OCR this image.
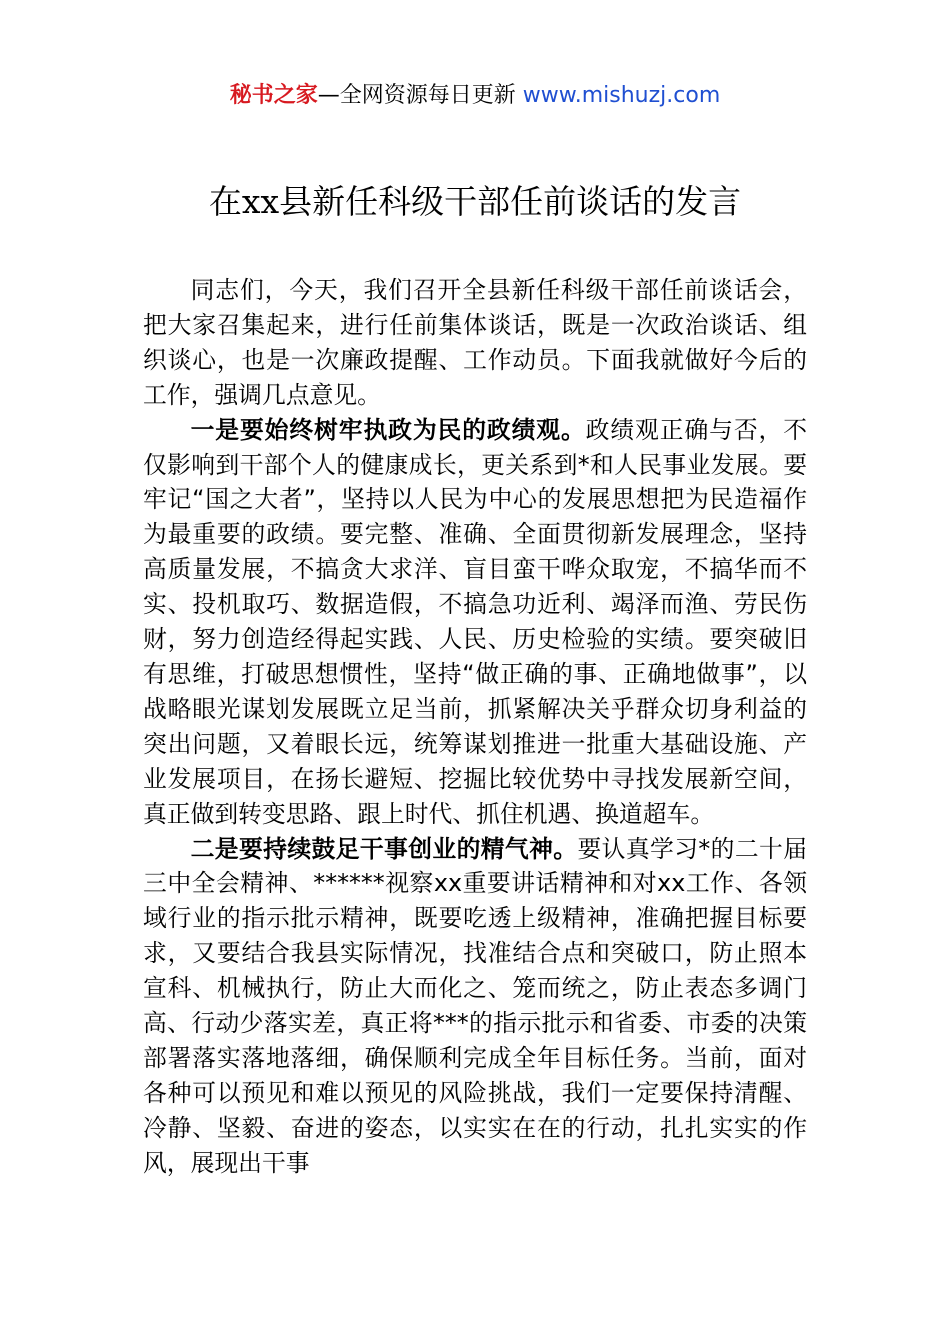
秘书之家—全网资源每日更新 www.mishuzj.com
在xx县新任科级干部任前谈话的发言

同志们，今天，我们召开全县新任科级干部任前谈话会，把大家召集起来，进行任前集体谈话，既是一次政治谈话、组织谈心，也是一次廉政提醒、工作动员。下面我就做好今后的工作，强调几点意见。

一是要始终树牢执政为民的政绩观。政绩观正确与否，不仅影响到干部个人的健康成长，更关系到*和人民事业发展。要牢记“国之大者”，坚持以人民为中心的发展思想把为民造福作为最重要的政绩。要完整、准确、全面贯彻新发展理念，坚持高质量发展，不搞贪大求洋、盲目蛮干哗众取宠，不搞华而不实、投机取巧、数据造假，不搞急功近利、竭泽而渔、劳民伤财，努力创造经得起实践、人民、历史检验的实绩。要突破旧有思维，打破思想惯性，坚持“做正确的事、正确地做事”，以战略眼光谋划发展既立足当前，抓紧解决关乎群众切身利益的突出问题，又着眼长远，统筹谋划推进一批重大基础设施、产业发展项目，在扬长避短、挖掘比较优势中寻找发展新空间，真正做到转变思路、跟上时代、抓住机遇、换道超车。

二是要持续鼓足干事创业的精气神。要认真学习*的二十届三中全会精神、******视察xx重要讲话精神和对xx工作、各领域行业的指示批示精神，既要吃透上级精神，准确把握目标要求，又要结合我县实际情况，找准结合点和突破口，防止照本宣科、机械执行，防止大而化之、笼而统之，防止表态多调门高、行动少落实差，真正将***的指示批示和省委、市委的决策部署落实落地落细，确保顺利完成全年目标任务。当前，面对各种可以预见和难以预见的风险挑战，我们一定要保持清醒、冷静、坚毅、奋进的姿态，以实实在在的行动，扎扎实实的作风，展现出干事
